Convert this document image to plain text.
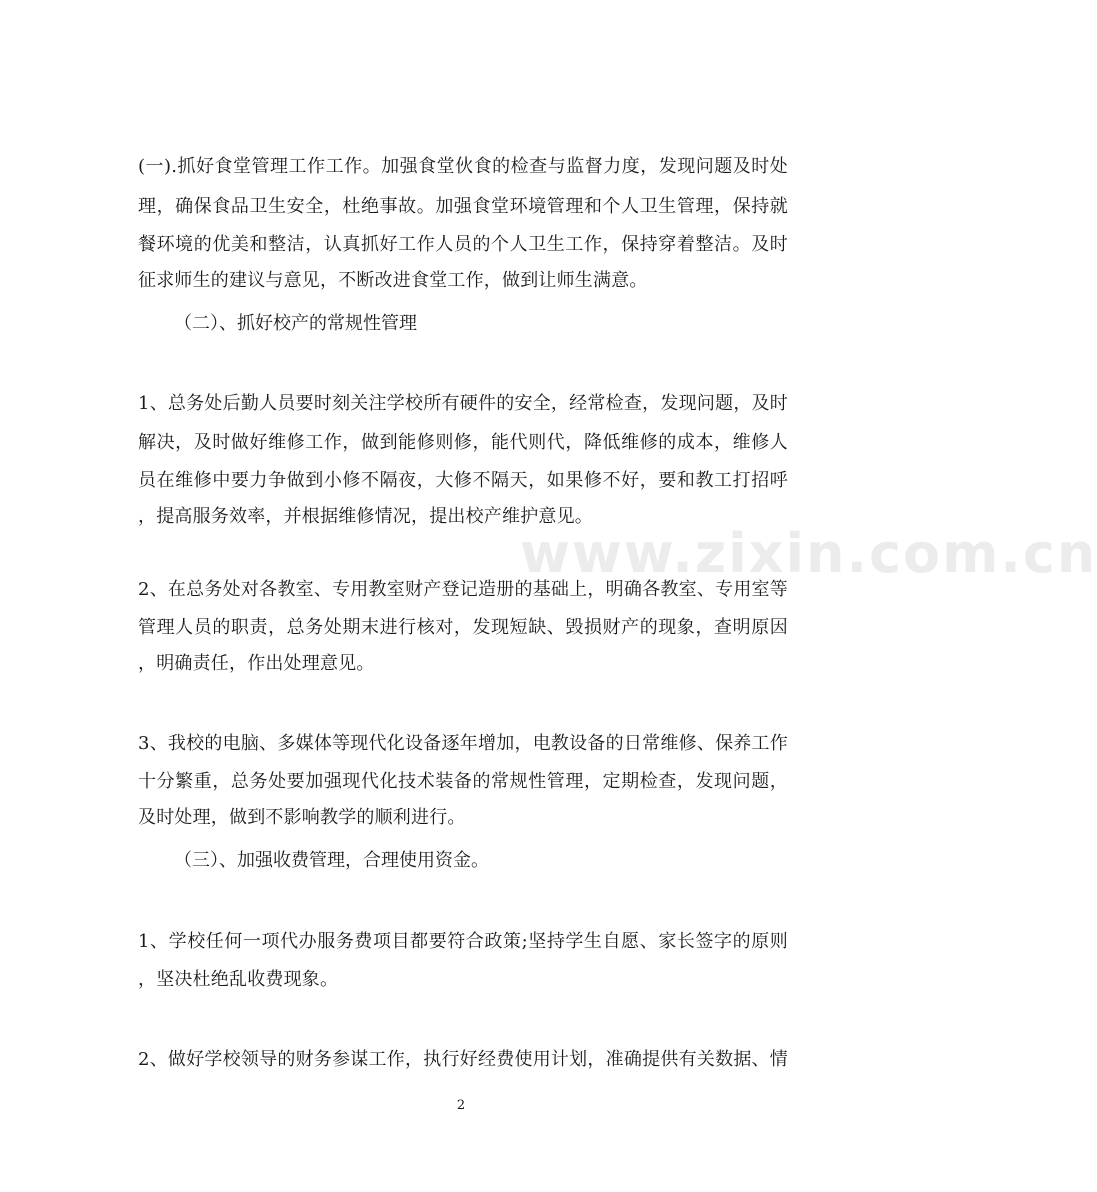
www.zixin.com.cn
(一).抓好食堂管理工作工作。加强食堂伙食的检查与监督力度，发现问题及时处
理，确保食品卫生安全，杜绝事故。加强食堂环境管理和个人卫生管理，保持就
餐环境的优美和整洁，认真抓好工作人员的个人卫生工作，保持穿着整洁。及时
征求师生的建议与意见，不断改进食堂工作，做到让师生满意。
（二）、抓好校产的常规性管理
1、总务处后勤人员要时刻关注学校所有硬件的安全，经常检查，发现问题，及时
解决，及时做好维修工作，做到能修则修，能代则代，降低维修的成本，维修人
员在维修中要力争做到小修不隔夜，大修不隔天，如果修不好，要和教工打招呼
，提高服务效率，并根据维修情况，提出校产维护意见。
2、在总务处对各教室、专用教室财产登记造册的基础上，明确各教室、专用室等
管理人员的职责，总务处期末进行核对，发现短缺、毁损财产的现象，查明原因
，明确责任，作出处理意见。
3、我校的电脑、多媒体等现代化设备逐年增加，电教设备的日常维修、保养工作
十分繁重，总务处要加强现代化技术装备的常规性管理，定期检查，发现问题，
及时处理，做到不影响教学的顺利进行。
（三）、加强收费管理，合理使用资金。
1、学校任何一项代办服务费项目都要符合政策;坚持学生自愿、家长签字的原则
，坚决杜绝乱收费现象。
2、做好学校领导的财务参谋工作，执行好经费使用计划，准确提供有关数据、情
2
